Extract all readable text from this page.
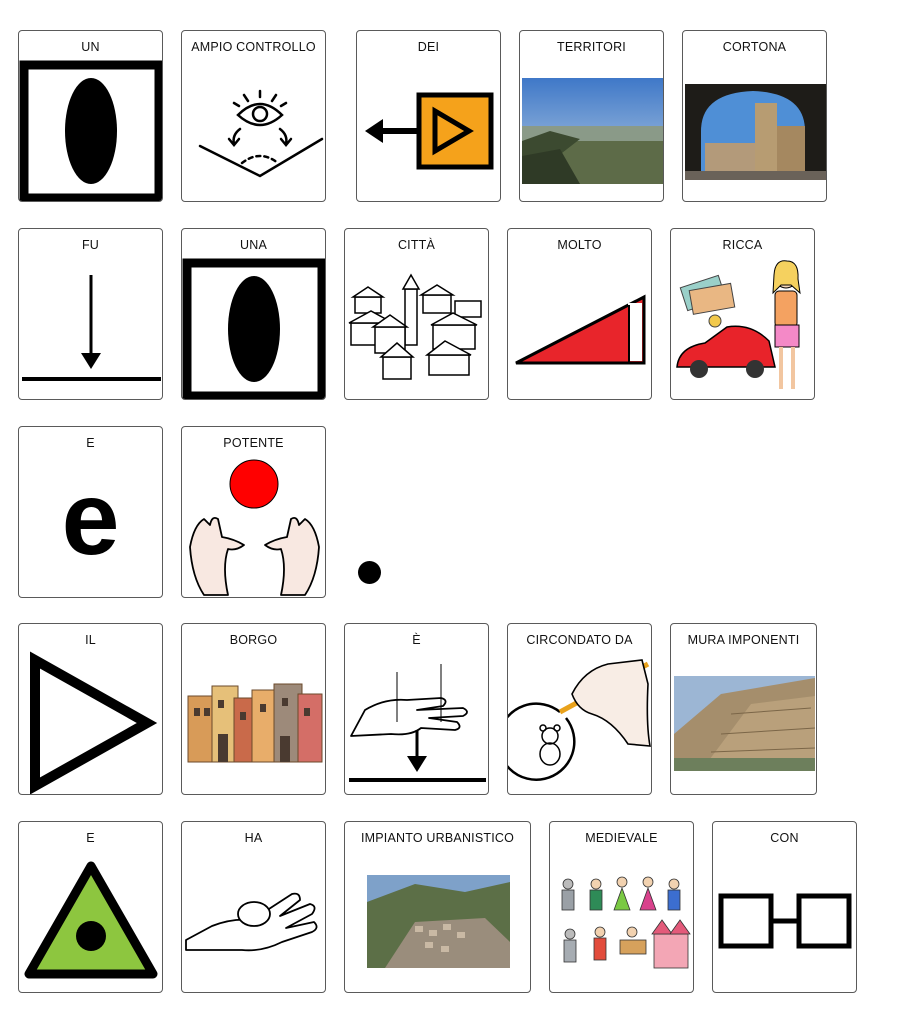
UN	AMPIO CONTROLLO	DEI	TERRITORI	CORTONA
FU	UNA	CITTÀ	MOLTO	RICCA
E
e
POTENTE
IL	BORGO	È	CIRCONDATO DA	MURA IMPONENTI
E	HA	IMPIANTO URBANISTICO	MEDIEVALE	CON
